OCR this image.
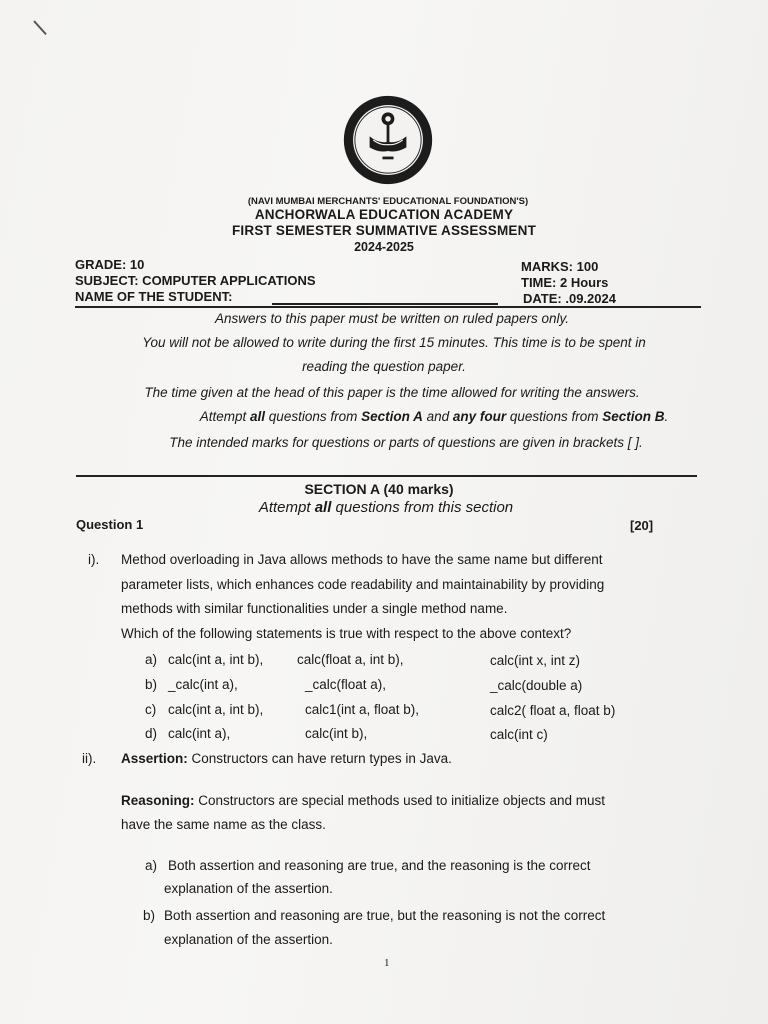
(NAVI MUMBAI MERCHANTS' EDUCATIONAL FOUNDATION'S)
ANCHORWALA EDUCATION ACADEMY
FIRST SEMESTER SUMMATIVE ASSESSMENT
2024-2025
GRADE: 10
SUBJECT: COMPUTER APPLICATIONS
NAME OF THE STUDENT:
MARKS: 100
TIME: 2 Hours
DATE: .09.2024
Answers to this paper must be written on ruled papers only.
You will not be allowed to write during the first 15 minutes. This time is to be spent in
reading the question paper.
The time given at the head of this paper is the time allowed for writing the answers.
Attempt all questions from Section A and any four questions from Section B.
The intended marks for questions or parts of questions are given in brackets [ ].
SECTION A (40 marks)
Attempt all questions from this section
Question 1	[20]
i). Method overloading in Java allows methods to have the same name but different
parameter lists, which enhances code readability and maintainability by providing
methods with similar functionalities under a single method name.
Which of the following statements is true with respect to the above context?
a) calc(int a, int b), calc(float a, int b),	calc(int x, int z)
b) _calc(int a),	_calc(float a),	_calc(double a)
c) calc(int a, int b),	calc1(int a, float b),	calc2( float a, float b)
d) calc(int a),	calc(int b),	calc(int c)
ii). Assertion: Constructors can have return types in Java.
Reasoning: Constructors are special methods used to initialize objects and must
have the same name as the class.
a) Both assertion and reasoning are true, and the reasoning is the correct
explanation of the assertion.
b) Both assertion and reasoning are true, but the reasoning is not the correct
explanation of the assertion.
1
